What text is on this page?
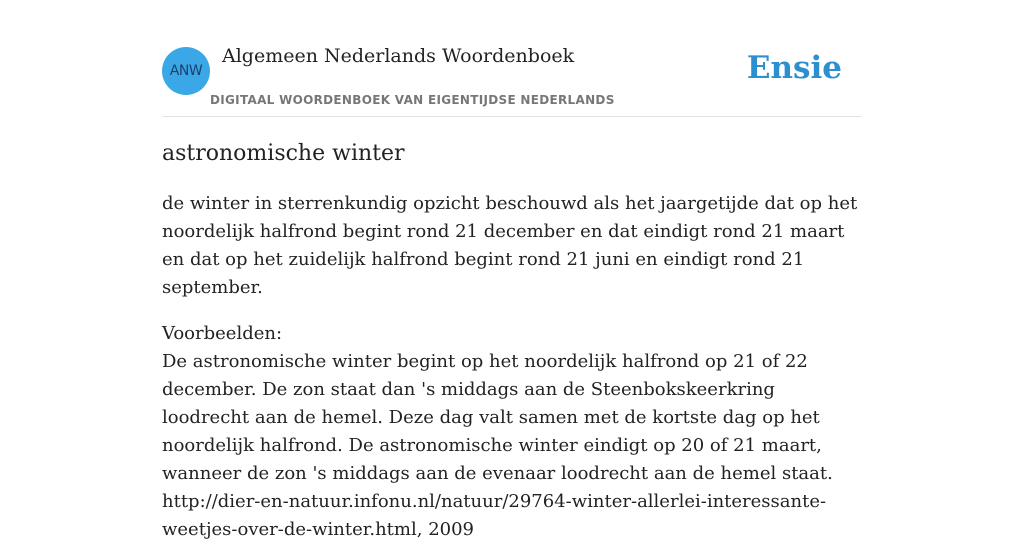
ANW
Algemeen Nederlands Woordenboek
DIGITAAL WOORDENBOEK VAN EIGENTIJDSE NEDERLANDS
Ensie
astronomische winter

de winter in sterrenkundig opzicht beschouwd als het jaargetijde dat op het noordelijk halfrond begint rond 21 december en dat eindigt rond 21 maart en dat op het zuidelijk halfrond begint rond 21 juni en eindigt rond 21 september.

Voorbeelden:
De astronomische winter begint op het noordelijk halfrond op 21 of 22 december. De zon staat dan 's middags aan de Steenbokskeerkring loodrecht aan de hemel. Deze dag valt samen met de kortste dag op het noordelijk halfrond. De astronomische winter eindigt op 20 of 21 maart, wanneer de zon 's middags aan de evenaar loodrecht aan de hemel staat. http://dier-en-natuur.infonu.nl/natuur/29764-winter-allerlei-interessante-weetjes-over-de-winter.html, 2009
